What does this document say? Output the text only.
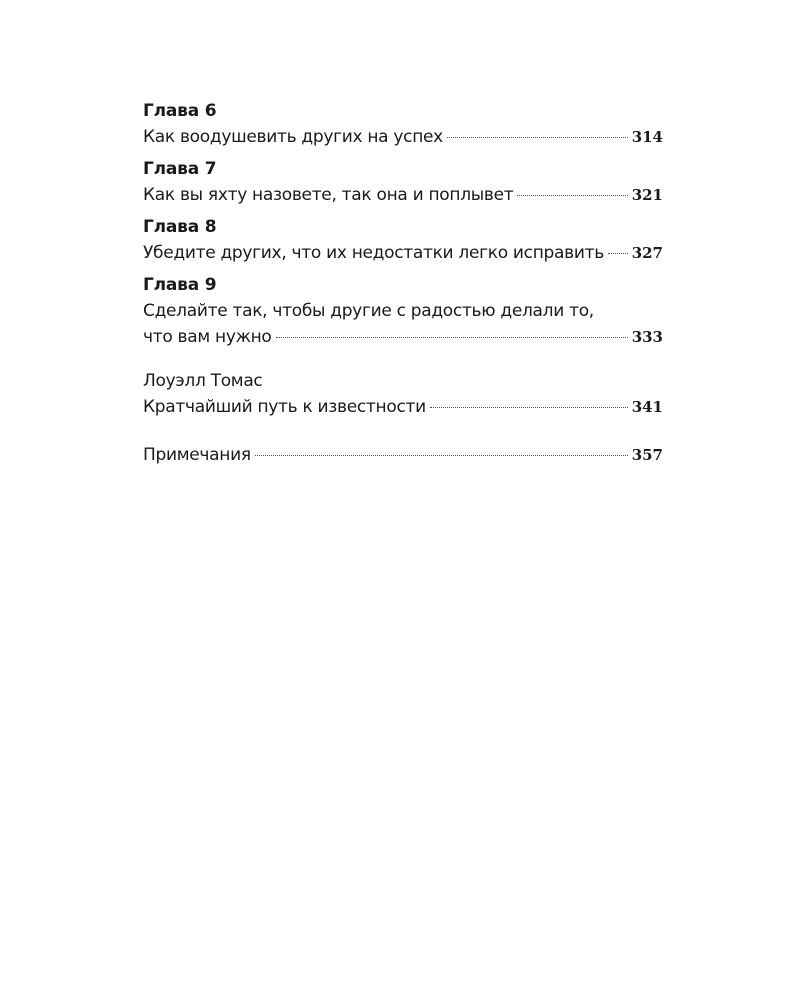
Глава 6
Как воодушевить других на успех	314
Глава 7
Как вы яхту назовете, так она и поплывет	321
Глава 8
Убедите других, что их недостатки легко исправить 327
Глава 9
Сделайте так, чтобы другие с радостью делали то,
что вам нужно	333
Лоуэлл Томас
Кратчайший путь к известности	341
Примечания	357
